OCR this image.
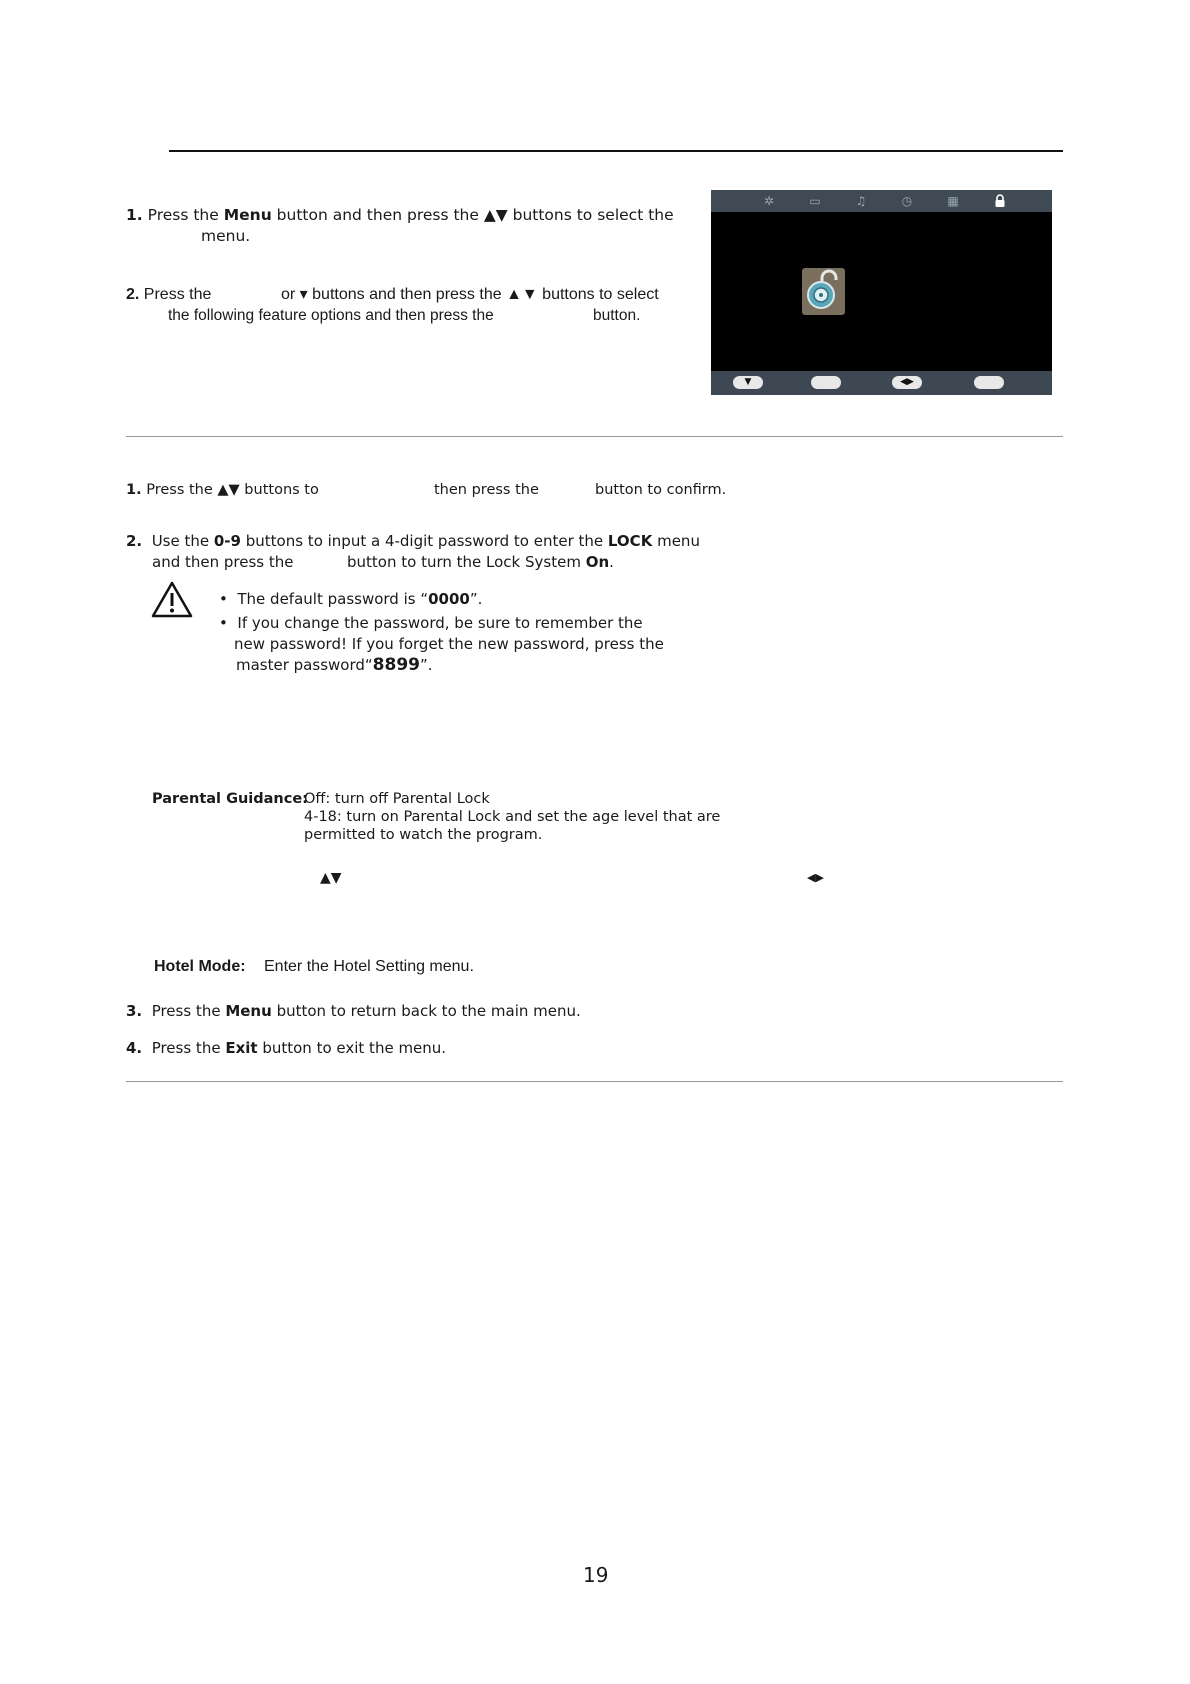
1. Press the Menu button and then press the ▲▼ buttons to select the
menu.
2. Press the	or ▾ buttons and then press the ▲▼ buttons to select
the following feature options and then press the	button.
✲	▭	♫	◷	▦
▼	◀▶
1. Press the ▲▼ buttons to	then press the	button to confirm.
2. Use the 0-9 buttons to input a 4-digit password to enter the LOCK menu
and then press the	button to turn the Lock System On.
•  The default password is “0000”.
•  If you change the password, be sure to remember the
new password! If you forget the new password, press the
master password“8899”.
Parental Guidance:
Off: turn off Parental Lock
4-18: turn on Parental Lock and set the age level that are
permitted to watch the program.
▲▼	◀▶
Hotel Mode: Enter the Hotel Setting menu.
3. Press the Menu button to return back to the main menu.
4. Press the Exit button to exit the menu.
19
